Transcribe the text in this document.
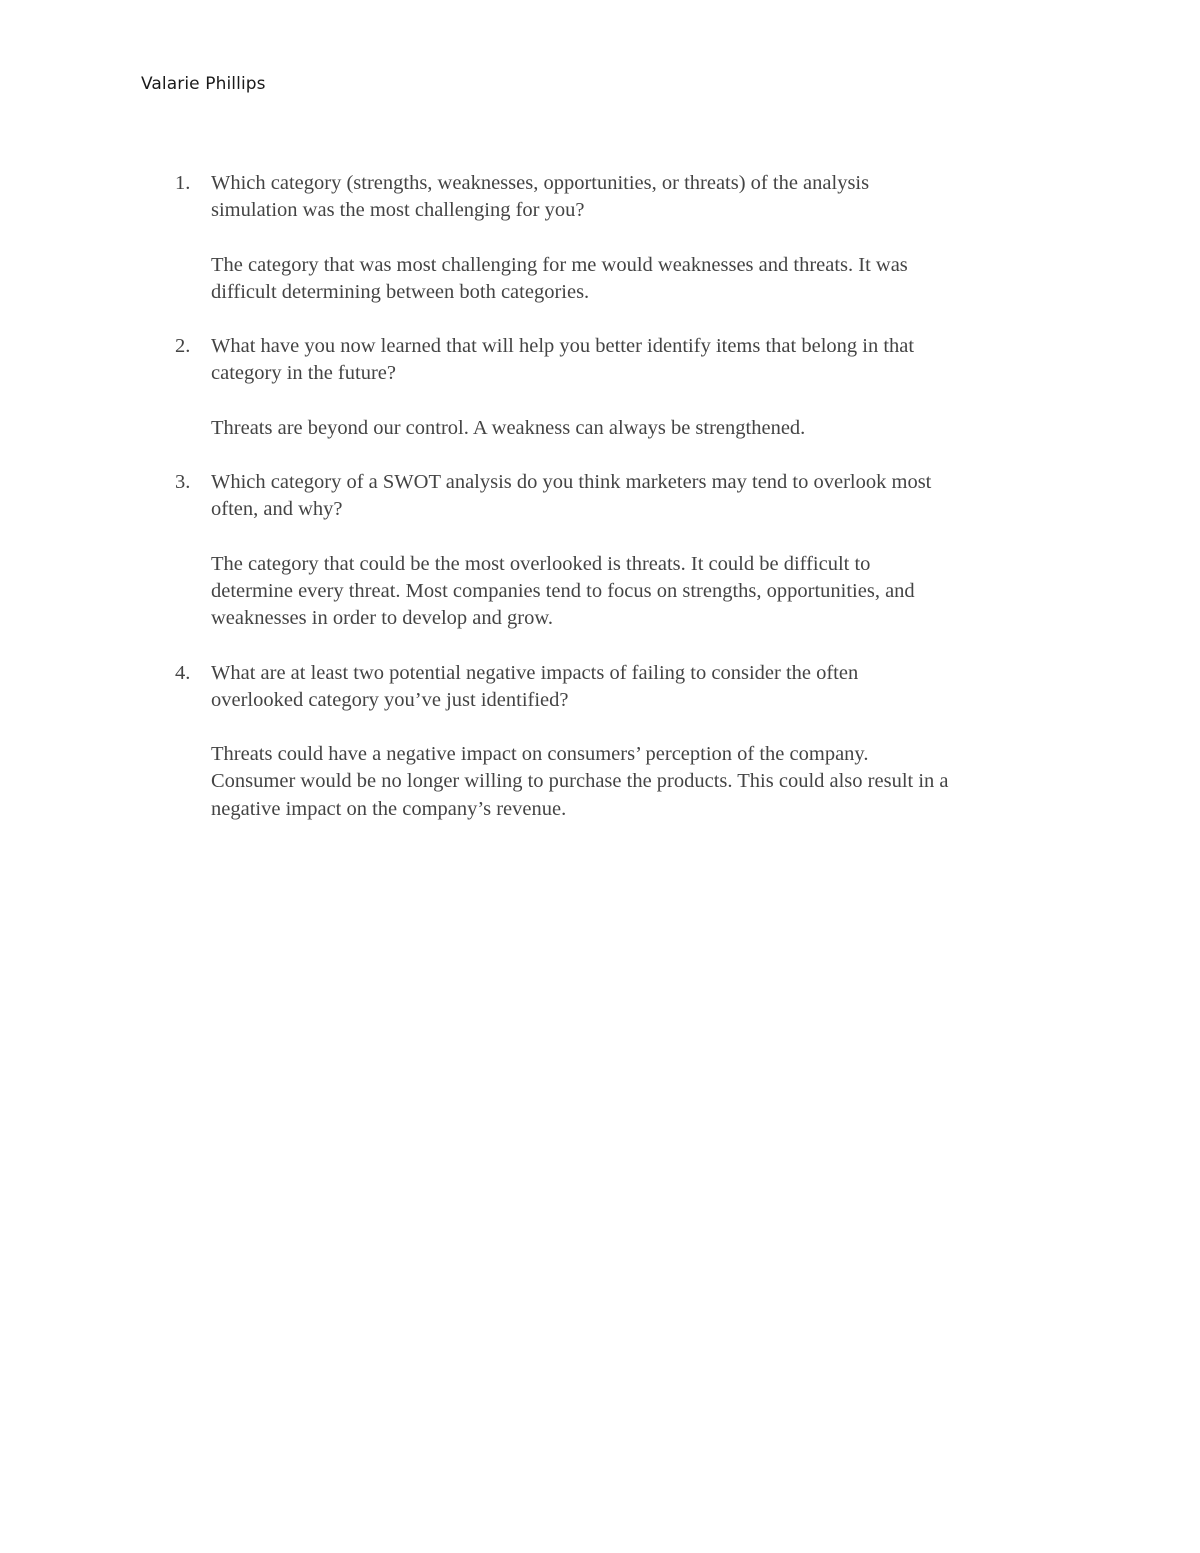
Valarie Phillips
1. Which category (strengths, weaknesses, opportunities, or threats) of the analysis
simulation was the most challenging for you?

The category that was most challenging for me would weaknesses and threats. It was
difficult determining between both categories.

2. What have you now learned that will help you better identify items that belong in that
category in the future?

Threats are beyond our control. A weakness can always be strengthened.

3. Which category of a SWOT analysis do you think marketers may tend to overlook most
often, and why?

The category that could be the most overlooked is threats. It could be difficult to
determine every threat. Most companies tend to focus on strengths, opportunities, and
weaknesses in order to develop and grow.

4. What are at least two potential negative impacts of failing to consider the often
overlooked category you’ve just identified?

Threats could have a negative impact on consumers’ perception of the company.
Consumer would be no longer willing to purchase the products. This could also result in a
negative impact on the company’s revenue.
